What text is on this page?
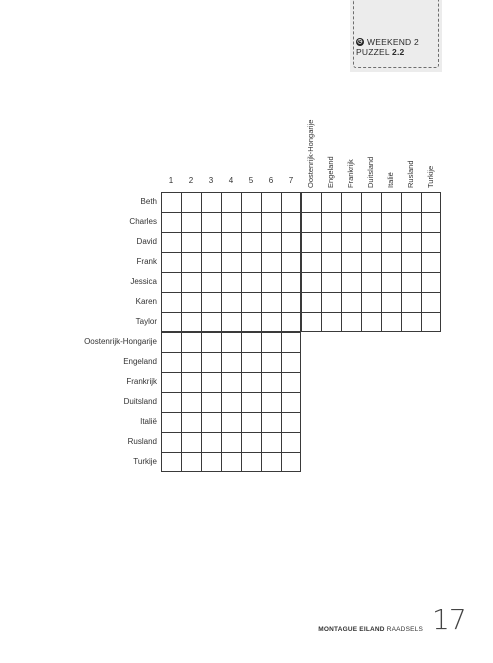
◷ WEEKEND 2
PUZZEL 2.2
1	2	3	4	5	6	7	Oostenrijk-Hongarije Engeland Frankrijk Duitsland Italië Rusland Turkije
Beth
Charles
David
Frank
Jessica
Karen
Taylor
Oostenrijk-Hongarije
Engeland
Frankrijk
Duitsland
Italië
Rusland
Turkije
MONTAGUE EILAND RAADSELS 17
